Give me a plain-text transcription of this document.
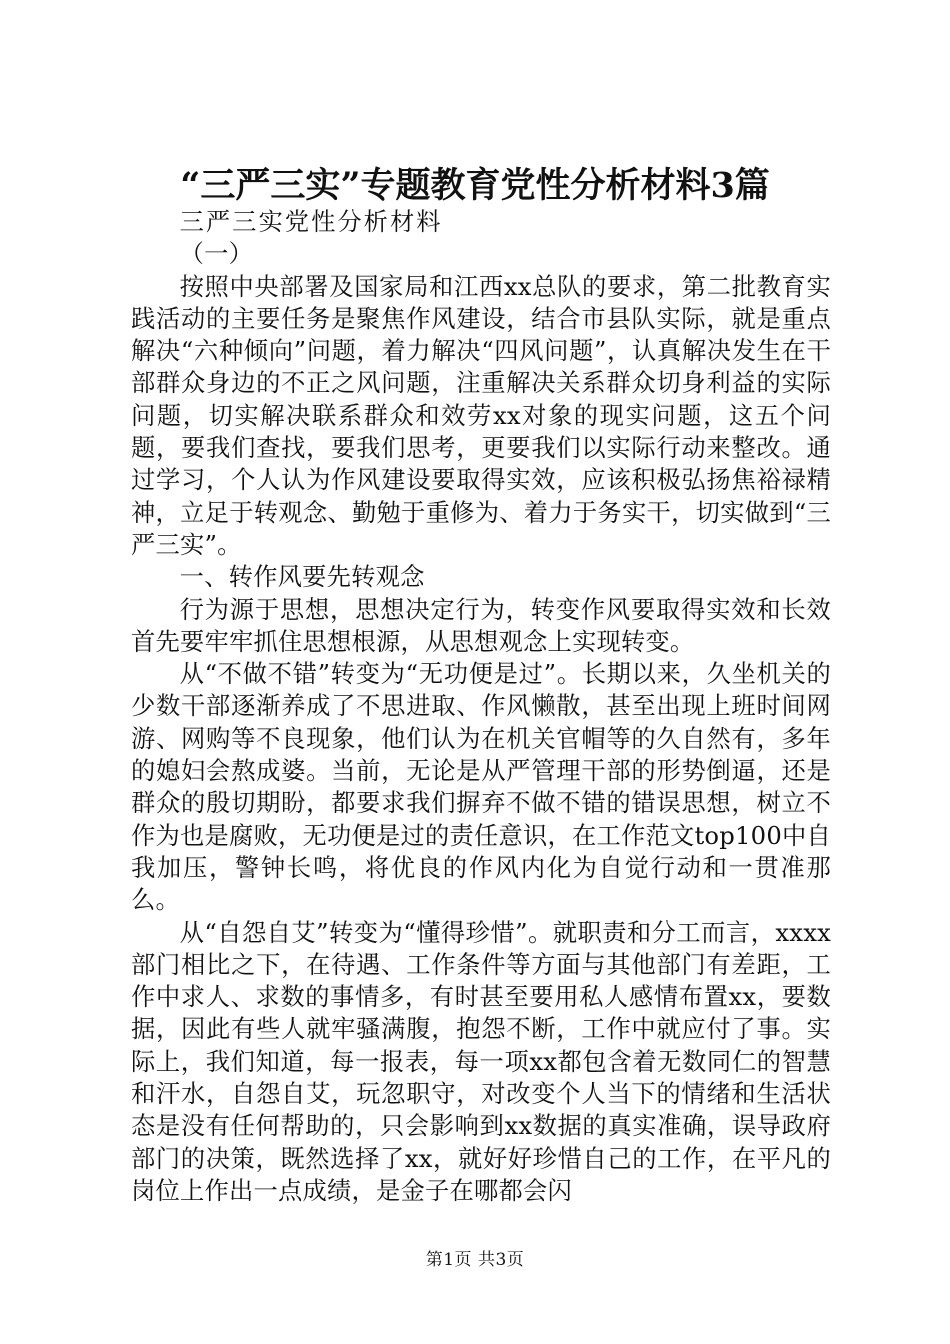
“三严三实”专题教育党性分析材料3篇

三严三实党性分析材料

（一）

按照中央部署及国家局和江西xx总队的要求，第二批教育实践活动的主要任务是聚焦作风建设，结合市县队实际，就是重点解决“六种倾向”问题，着力解决“四风问题”，认真解决发生在干部群众身边的不正之风问题，注重解决关系群众切身利益的实际问题，切实解决联系群众和效劳xx对象的现实问题，这五个问题，要我们查找，要我们思考，更要我们以实际行动来整改。通过学习，个人认为作风建设要取得实效，应该积极弘扬焦裕禄精神，立足于转观念、勤勉于重修为、着力于务实干，切实做到“三严三实”。

一、转作风要先转观念

行为源于思想，思想决定行为，转变作风要取得实效和长效首先要牢牢抓住思想根源，从思想观念上实现转变。

从“不做不错”转变为“无功便是过”。长期以来，久坐机关的少数干部逐渐养成了不思进取、作风懒散，甚至出现上班时间网游、网购等不良现象，他们认为在机关官帽等的久自然有，多年的媳妇会熬成婆。当前，无论是从严管理干部的形势倒逼，还是群众的殷切期盼，都要求我们摒弃不做不错的错误思想，树立不作为也是腐败，无功便是过的责任意识，在工作范文top100中自我加压，警钟长鸣，将优良的作风内化为自觉行动和一贯准那么。

从“自怨自艾”转变为“懂得珍惜”。就职责和分工而言，xxxx部门相比之下，在待遇、工作条件等方面与其他部门有差距，工作中求人、求数的事情多，有时甚至要用私人感情布置xx，要数据，因此有些人就牢骚满腹，抱怨不断，工作中就应付了事。实际上，我们知道，每一报表，每一项xx都包含着无数同仁的智慧和汗水，自怨自艾，玩忽职守，对改变个人当下的情绪和生活状态是没有任何帮助的，只会影响到xx数据的真实准确，误导政府部门的决策，既然选择了xx，就好好珍惜自己的工作，在平凡的岗位上作出一点成绩，是金子在哪都会闪

第1页 共3页
